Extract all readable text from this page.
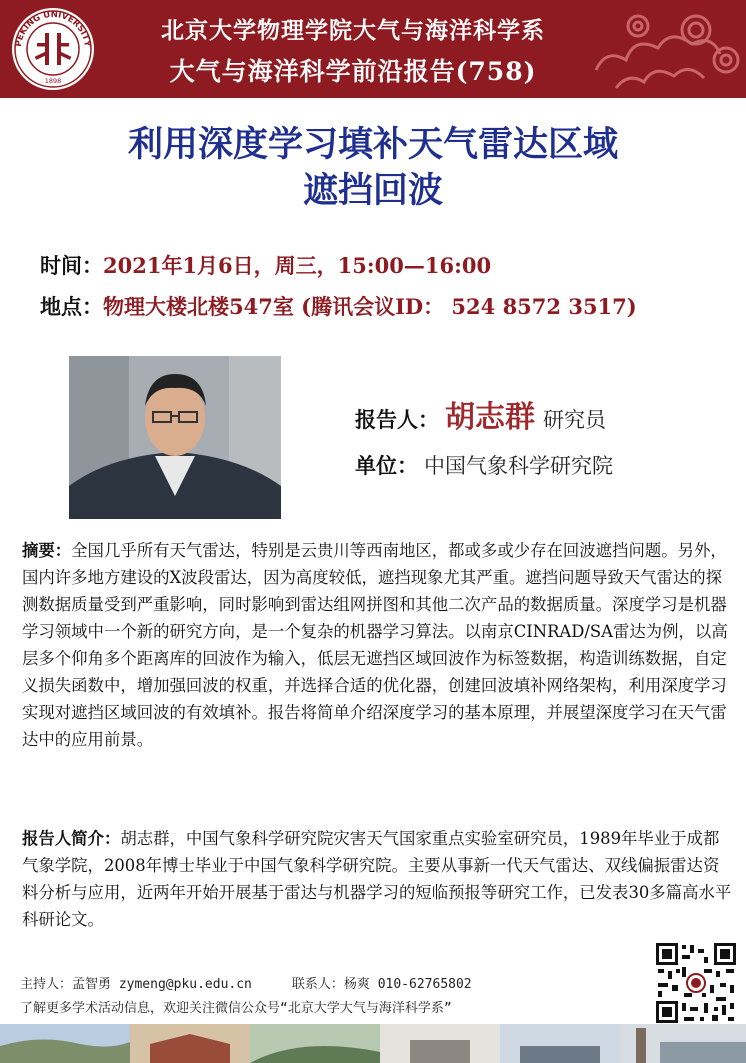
PEKING UNIVERSITY
1898
北京大学物理学院大气与海洋科学系
大气与海洋科学前沿报告(758)
利用深度学习填补天气雷达区域
遮挡回波
时间：2021年1月6日，周三，15:00—16:00
地点：物理大楼北楼547室 (腾讯会议ID： 524 8572 3517)
报告人： 胡志群 研究员
单位： 中国气象科学研究院
摘要：全国几乎所有天气雷达，特别是云贵川等西南地区，都或多或少存在回波遮挡问题。另外，国内许多地方建设的X波段雷达，因为高度较低，遮挡现象尤其严重。遮挡问题导致天气雷达的探测数据质量受到严重影响，同时影响到雷达组网拼图和其他二次产品的数据质量。深度学习是机器学习领域中一个新的研究方向，是一个复杂的机器学习算法。以南京CINRAD/SA雷达为例，以高层多个仰角多个距离库的回波作为输入，低层无遮挡区域回波作为标签数据，构造训练数据，自定义损失函数中，增加强回波的权重，并选择合适的优化器，创建回波填补网络架构，利用深度学习实现对遮挡区域回波的有效填补。报告将简单介绍深度学习的基本原理，并展望深度学习在天气雷达中的应用前景。
报告人简介：胡志群，中国气象科学研究院灾害天气国家重点实验室研究员，1989年毕业于成都气象学院，2008年博士毕业于中国气象科学研究院。主要从事新一代天气雷达、双线偏振雷达资料分析与应用，近两年开始开展基于雷达与机器学习的短临预报等研究工作，已发表30多篇高水平科研论文。
主持人：孟智勇 zymeng@pku.edu.cn	联系人：杨爽 010-62765802
了解更多学术活动信息，欢迎关注微信公众号“北京大学大气与海洋科学系”
